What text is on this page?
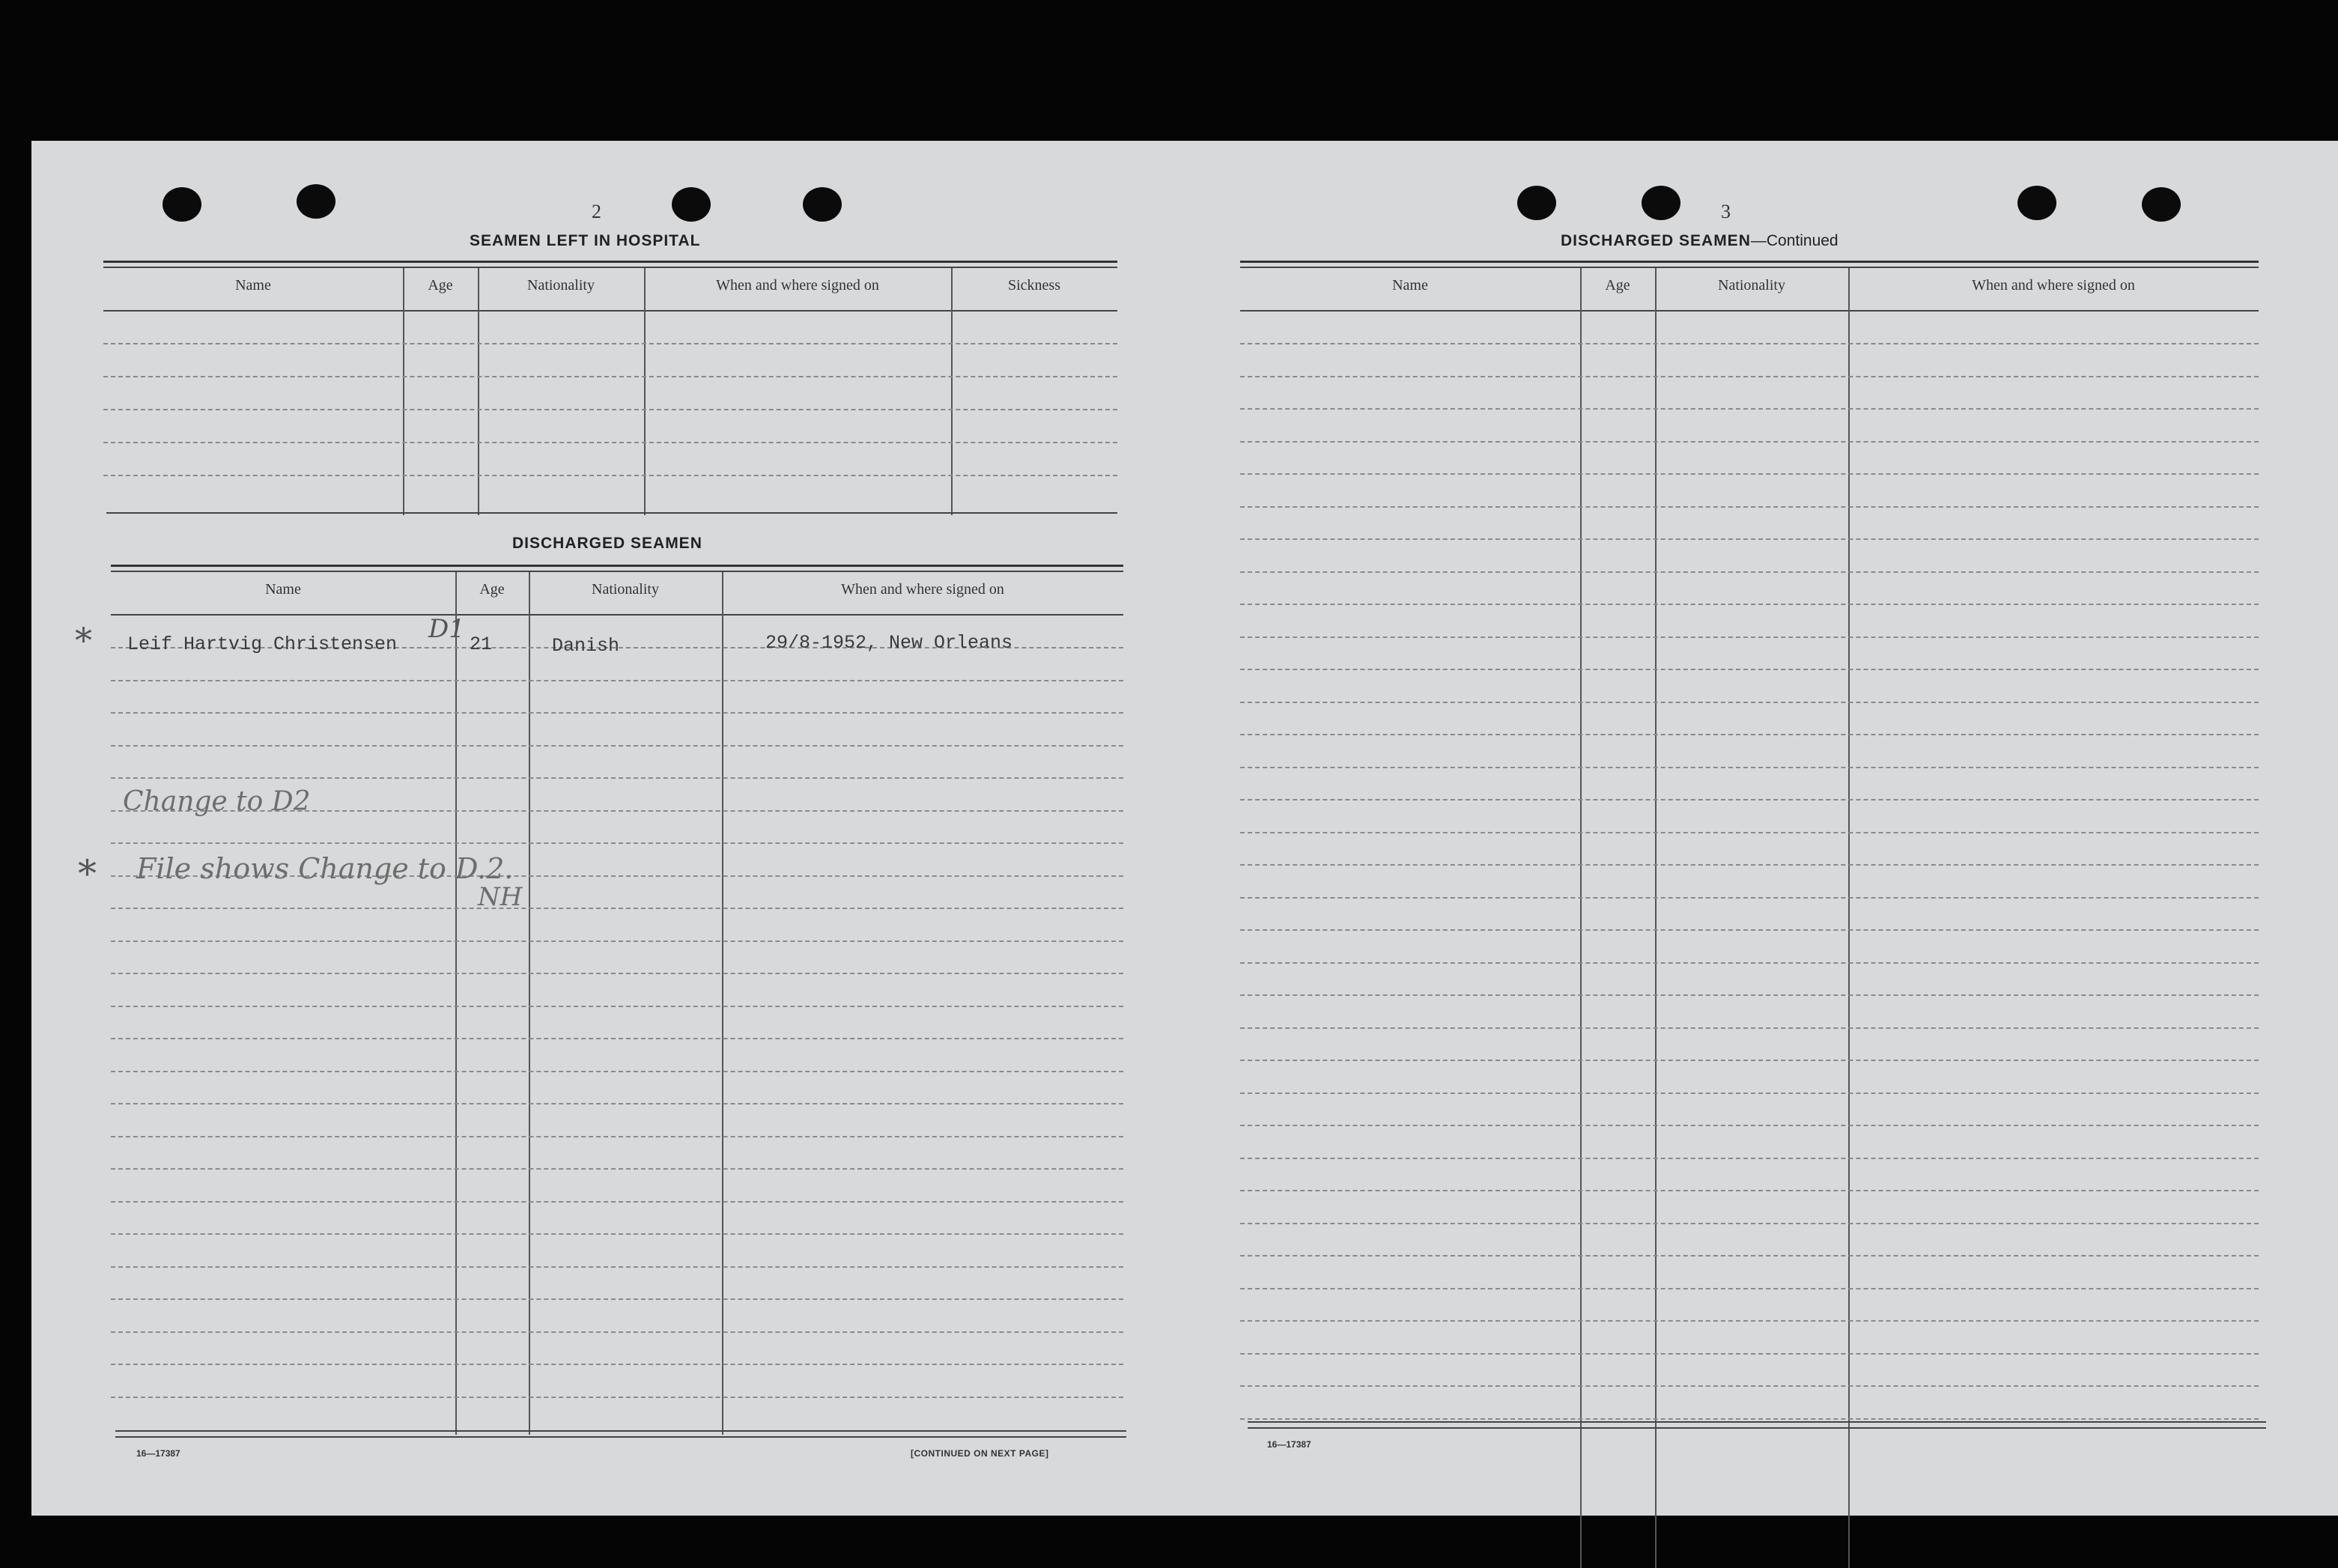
2
SEAMEN LEFT IN HOSPITAL
Name	Age	Nationality	When and where signed on	Sickness
DISCHARGED SEAMEN
Name	Age	Nationality	When and where signed on
Leif Hartvig Christensen	21	Danish	29/8-1952, New Orleans
*	D1
Change to D2
* File shows Change to D.2.
NH
16—17387	[CONTINUED ON NEXT PAGE]
3
DISCHARGED SEAMEN—Continued
Name	Age	Nationality	When and where signed on
16—17387
